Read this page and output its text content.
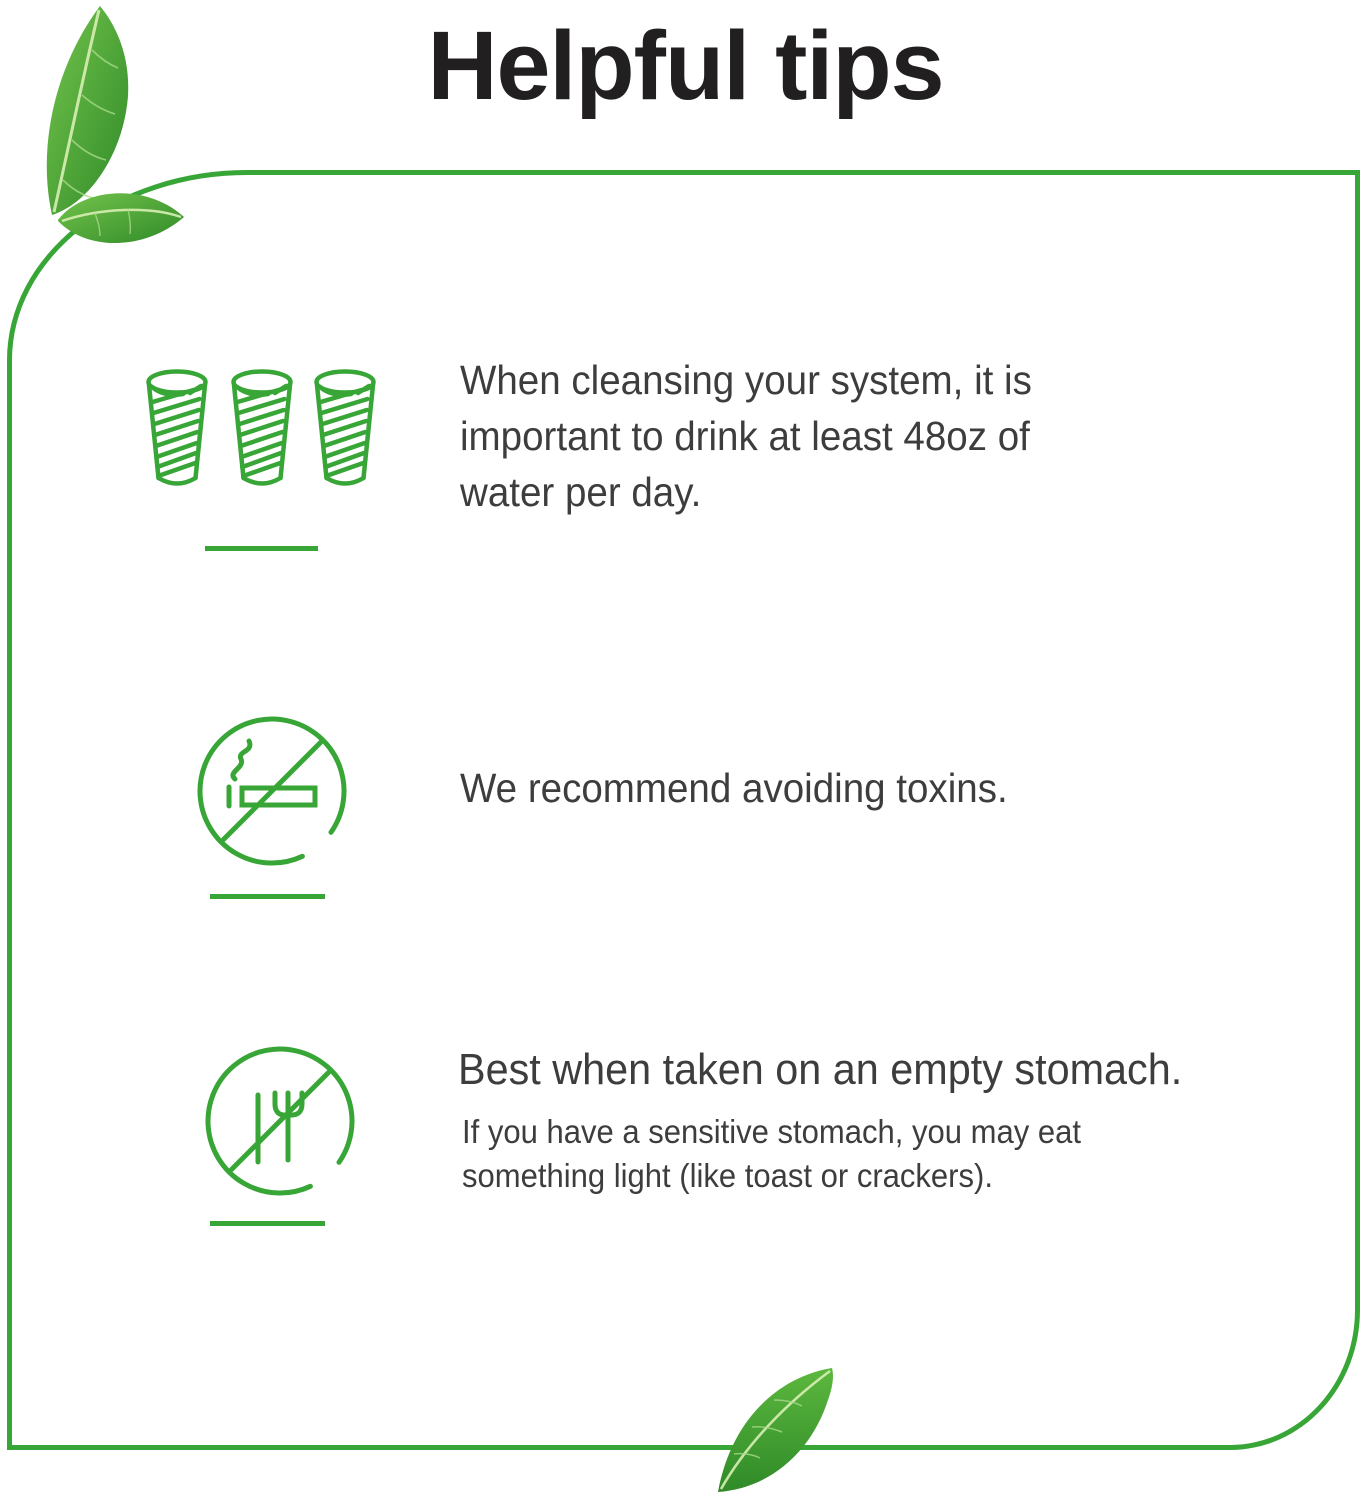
Helpful tips
When cleansing your system, it is
important to drink at least 48oz of
water per day.
We recommend avoiding toxins.
Best when taken on an empty stomach.
If you have a sensitive stomach, you may eat
something light (like toast or crackers).
